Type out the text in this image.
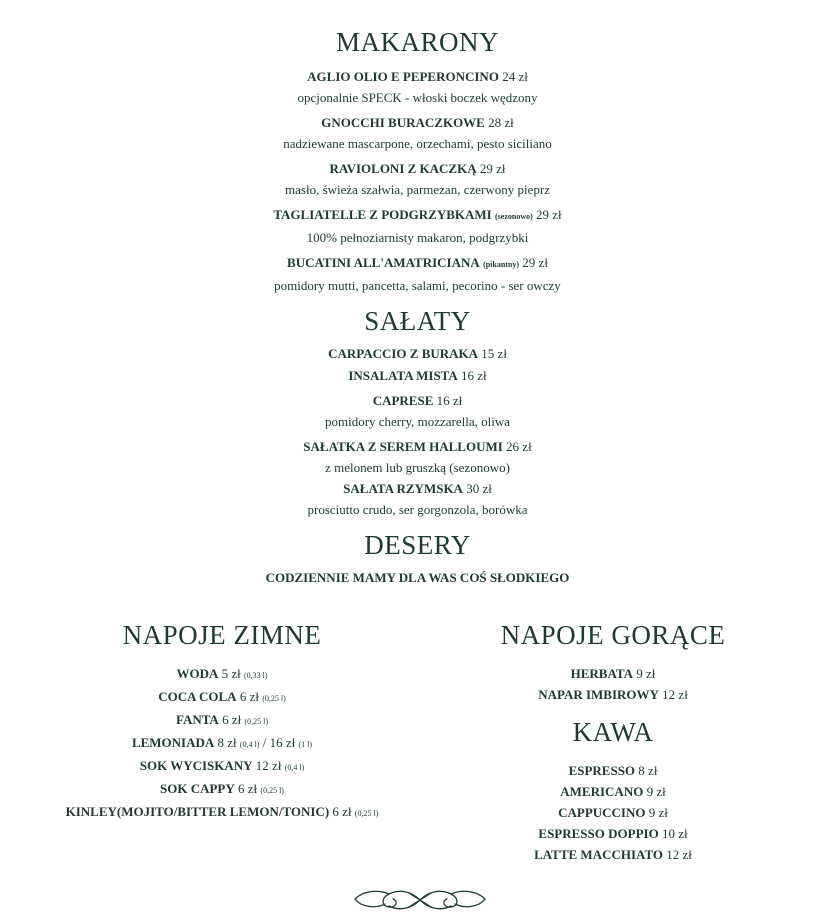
MAKARONY
AGLIO OLIO E PEPERONCINO 24 zł
opcjonalnie SPECK - włoski boczek wędzony
GNOCCHI BURACZKOWE 28 zł
nadziewane mascarpone, orzechami, pesto siciliano
RAVIOLONI Z KACZKĄ 29 zł
masło, świeża szałwia, parmezan, czerwony pieprz
TAGLIATELLE Z PODGRZYBKAMI (sezonowo) 29 zł
100% pełnoziarnisty makaron, podgrzybki
BUCATINI ALL'AMATRICIANA (pikantny) 29 zł
pomidory mutti, pancetta, salami, pecorino - ser owczy
SAŁATY
CARPACCIO Z BURAKA 15 zł
INSALATA MISTA 16 zł
CAPRESE 16 zł
pomidory cherry, mozzarella, oliwa
SAŁATKA Z SEREM HALLOUMI 26 zł
z melonem lub gruszką (sezonowo)
SAŁATA RZYMSKA 30 zł
prosciutto crudo, ser gorgonzola, borówka
DESERY
CODZIENNIE MAMY DLA WAS COŚ SŁODKIEGO
NAPOJE ZIMNE
WODA 5 zł (0,33 l)
COCA COLA 6 zł (0,25 l)
FANTA 6 zł (0,25 l)
LEMONIADA 8 zł (0,4 l) / 16 zł (1 l)
SOK WYCISKANY 12 zł (0,4 l)
SOK CAPPY 6 zł (0,25 l)
KINLEY(MOJITO/BITTER LEMON/TONIC) 6 zł (0,25 l)
NAPOJE GORĄCE
HERBATA 9 zł
NAPAR IMBIROWY 12 zł
KAWA
ESPRESSO 8 zł
AMERICANO 9 zł
CAPPUCCINO 9 zł
ESPRESSO DOPPIO 10 zł
LATTE MACCHIATO 12 zł
